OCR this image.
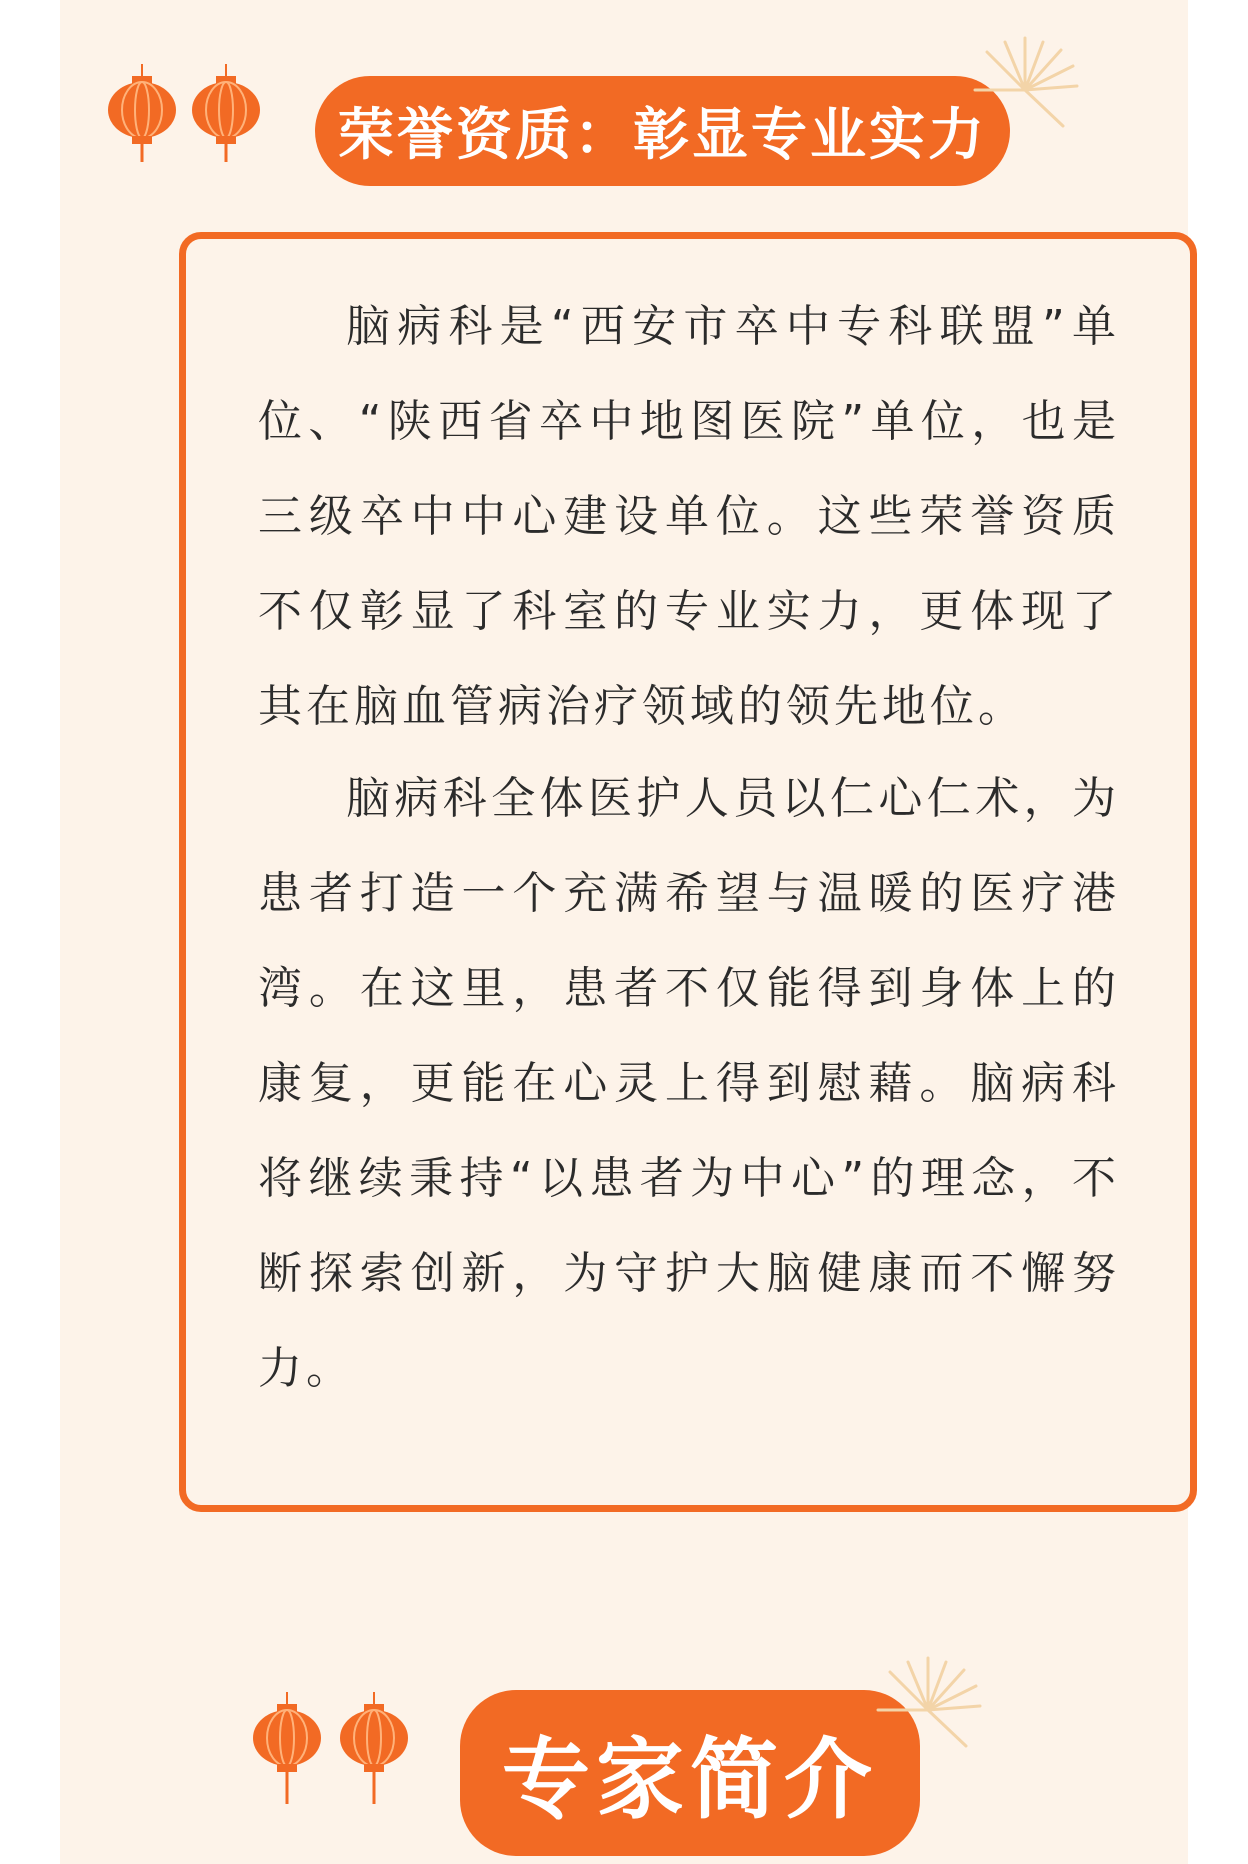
荣誉资质：彰显专业实力

脑病科是“西安市卒中专科联盟”单位、“陕西省卒中地图医院”单位，也是三级卒中中心建设单位。这些荣誉资质不仅彰显了科室的专业实力，更体现了其在脑血管病治疗领域的领先地位。

脑病科全体医护人员以仁心仁术，为患者打造一个充满希望与温暖的医疗港湾。在这里，患者不仅能得到身体上的康复，更能在心灵上得到慰藉。脑病科将继续秉持“以患者为中心”的理念，不断探索创新，为守护大脑健康而不懈努力。

专家简介
